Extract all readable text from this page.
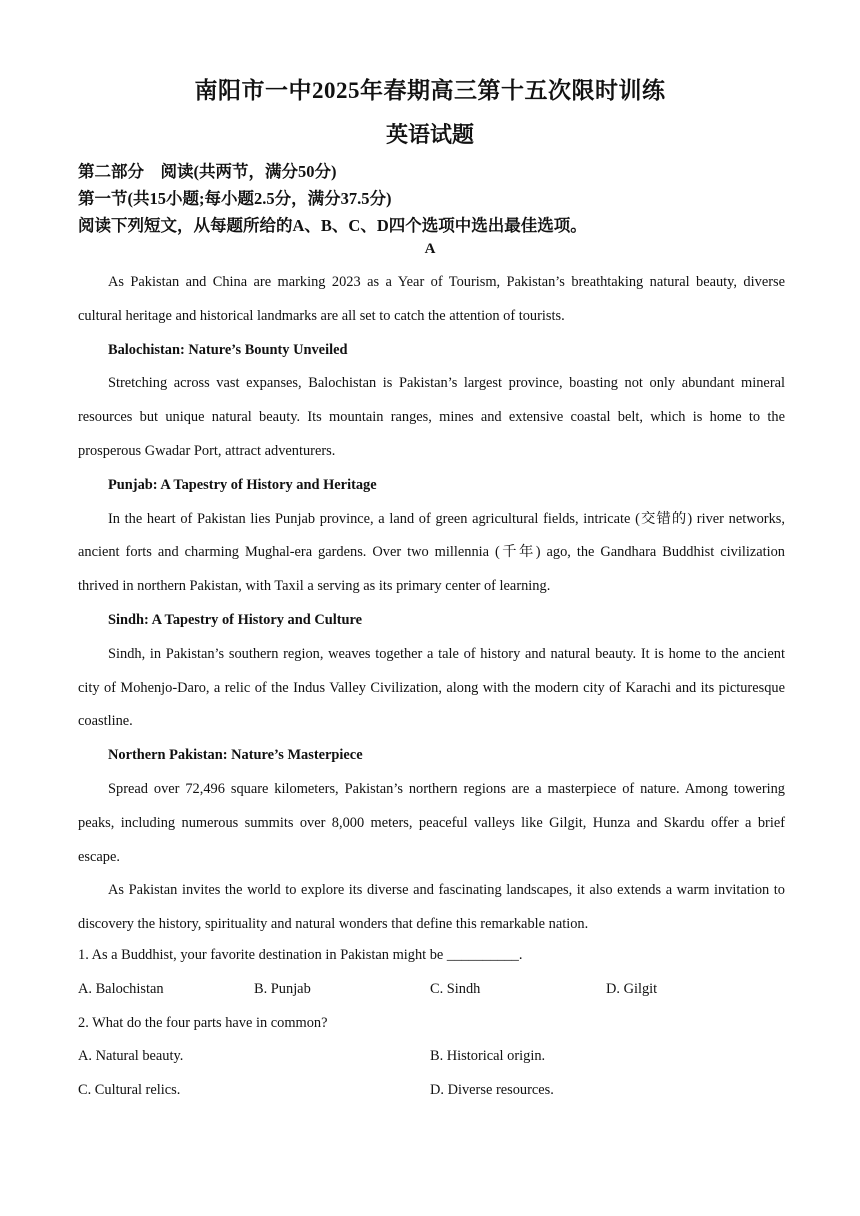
南阳市一中2025年春期高三第十五次限时训练
英语试题
第二部分　阅读(共两节，满分50分)
第一节(共15小题;每小题2.5分，满分37.5分)
阅读下列短文，从每题所给的A、B、C、D四个选项中选出最佳选项。
A

As Pakistan and China are marking 2023 as a Year of Tourism, Pakistan’s breathtaking natural beauty, diverse cultural heritage and historical landmarks are all set to catch the attention of tourists.

Balochistan: Nature’s Bounty Unveiled

Stretching across vast expanses, Balochistan is Pakistan’s largest province, boasting not only abundant mineral resources but unique natural beauty. Its mountain ranges, mines and extensive coastal belt, which is home to the prosperous Gwadar Port, attract adventurers.

Punjab: A Tapestry of History and Heritage

In the heart of Pakistan lies Punjab province, a land of green agricultural fields, intricate (交错的) river networks, ancient forts and charming Mughal-era gardens. Over two millennia (千年) ago, the Gandhara Buddhist civilization thrived in northern Pakistan, with Taxil a serving as its primary center of learning.

Sindh: A Tapestry of History and Culture

Sindh, in Pakistan’s southern region, weaves together a tale of history and natural beauty. It is home to the ancient city of Mohenjo-Daro, a relic of the Indus Valley Civilization, along with the modern city of Karachi and its picturesque coastline.

Northern Pakistan: Nature’s Masterpiece

Spread over 72,496 square kilometers, Pakistan’s northern regions are a masterpiece of nature. Among towering peaks, including numerous summits over 8,000 meters, peaceful valleys like Gilgit, Hunza and Skardu offer a brief escape.

As Pakistan invites the world to explore its diverse and fascinating landscapes, it also extends a warm invitation to discovery the history, spirituality and natural wonders that define this remarkable nation.

1. As a Buddhist, your favorite destination in Pakistan might be __________.
A. Balochistan	B. Punjab	C. Sindh	D. Gilgit
2. What do the four parts have in common?
A. Natural beauty.	B. Historical origin.
C. Cultural relics.	D. Diverse resources.
